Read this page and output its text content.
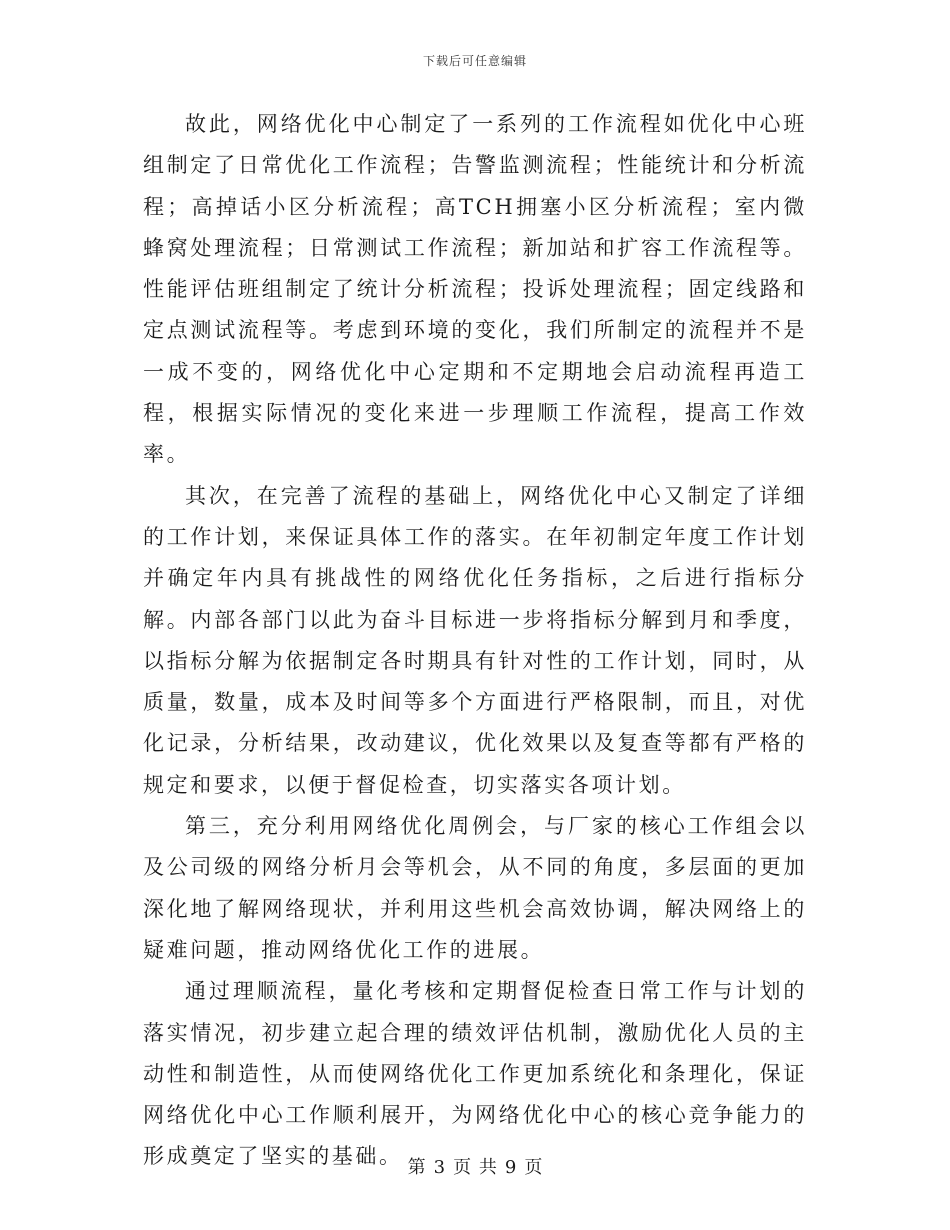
下载后可任意编辑

故此，网络优化中心制定了一系列的工作流程如优化中心班组制定了日常优化工作流程；告警监测流程；性能统计和分析流程；高掉话小区分析流程；高TCH拥塞小区分析流程；室内微蜂窝处理流程；日常测试工作流程；新加站和扩容工作流程等。性能评估班组制定了统计分析流程；投诉处理流程；固定线路和定点测试流程等。考虑到环境的变化，我们所制定的流程并不是一成不变的，网络优化中心定期和不定期地会启动流程再造工程，根据实际情况的变化来进一步理顺工作流程，提高工作效率。

其次，在完善了流程的基础上，网络优化中心又制定了详细的工作计划，来保证具体工作的落实。在年初制定年度工作计划并确定年内具有挑战性的网络优化任务指标，之后进行指标分解。内部各部门以此为奋斗目标进一步将指标分解到月和季度，以指标分解为依据制定各时期具有针对性的工作计划，同时，从质量，数量，成本及时间等多个方面进行严格限制，而且，对优化记录，分析结果，改动建议，优化效果以及复查等都有严格的规定和要求，以便于督促检查，切实落实各项计划。

第三，充分利用网络优化周例会，与厂家的核心工作组会以及公司级的网络分析月会等机会，从不同的角度，多层面的更加深化地了解网络现状，并利用这些机会高效协调，解决网络上的疑难问题，推动网络优化工作的进展。

通过理顺流程，量化考核和定期督促检查日常工作与计划的落实情况，初步建立起合理的绩效评估机制，激励优化人员的主动性和制造性，从而使网络优化工作更加系统化和条理化，保证网络优化中心工作顺利展开，为网络优化中心的核心竞争能力的形成奠定了坚实的基础。 第 3 页 共 9 页
